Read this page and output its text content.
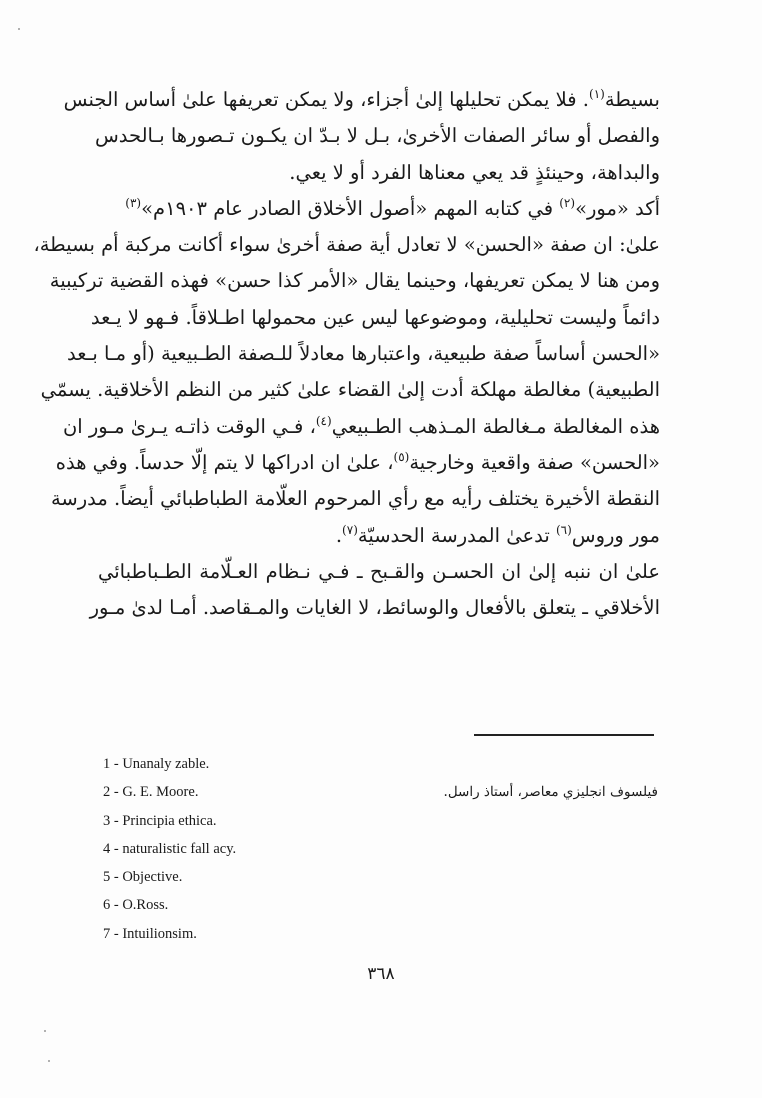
بسيطة$^{(١)}$. فلا يمكن تحليلها إلىٰ أجزاء، ولا يمكن تعريفها علىٰ أساس الجنس
والفصل أو سائر الصفات الأخرىٰ، بـل لا بـدّ ان يكـون تـصورها بـالحدس
والبداهة، وحينئذٍ قد يعي معناها الفرد أو لا يعي.
أكد «مور»$^{(٢)}$ في كتابه المهم «أصول الأخلاق الصادر عام ١٩٠٣م»$^{(٣)}$
علىٰ: ان صفة «الحسن» لا تعادل أية صفة أخرىٰ سواء أكانت مركبة أم بسيطة،
ومن هنا لا يمكن تعريفها، وحينما يقال «الأمر كذا حسن» فهذه القضية تركيبية
دائماً وليست تحليلية، وموضوعها ليس عين محمولها اطـلاقاً. فـهو لا يـعد
«الحسن أساساً صفة طبيعية، واعتبارها معادلاً للـصفة الطـبيعية (أو مـا بـعد
الطبيعية) مغالطة مهلكة أدت إلىٰ القضاء علىٰ كثير من النظم الأخلاقية. يسمّي
هذه المغالطة مـغالطة المـذهب الطـبيعي$^{(٤)}$، فـي الوقت ذاتـه يـرىٰ مـور ان
«الحسن» صفة واقعية وخارجية$^{(٥)}$، علىٰ ان ادراكها لا يتم إلّا حدساً. وفي هذه
النقطة الأخيرة يختلف رأيه مع رأي المرحوم العلّامة الطباطبائي أيضاً. مدرسة
مور وروس$^{(٦)}$ تدعىٰ المدرسة الحدسيّة$^{(٧)}$.
علىٰ ان ننبه إلىٰ ان الحسـن والقـبح ـ فـي نـظام العـلّامة الطـباطبائي
الأخلاقي ـ يتعلق بالأفعال والوسائط، لا الغايات والمـقاصد. أمـا لدىٰ مـور
1 - Unanaly zable.
2 - G. E. Moore.
3 - Principia ethica.
4 - naturalistic fall acy.
5 - Objective.
6 - O.Ross.
7 - Intuilionsim.
فيلسوف انجليزي معاصر، أستاذ راسل.
٣٦٨
